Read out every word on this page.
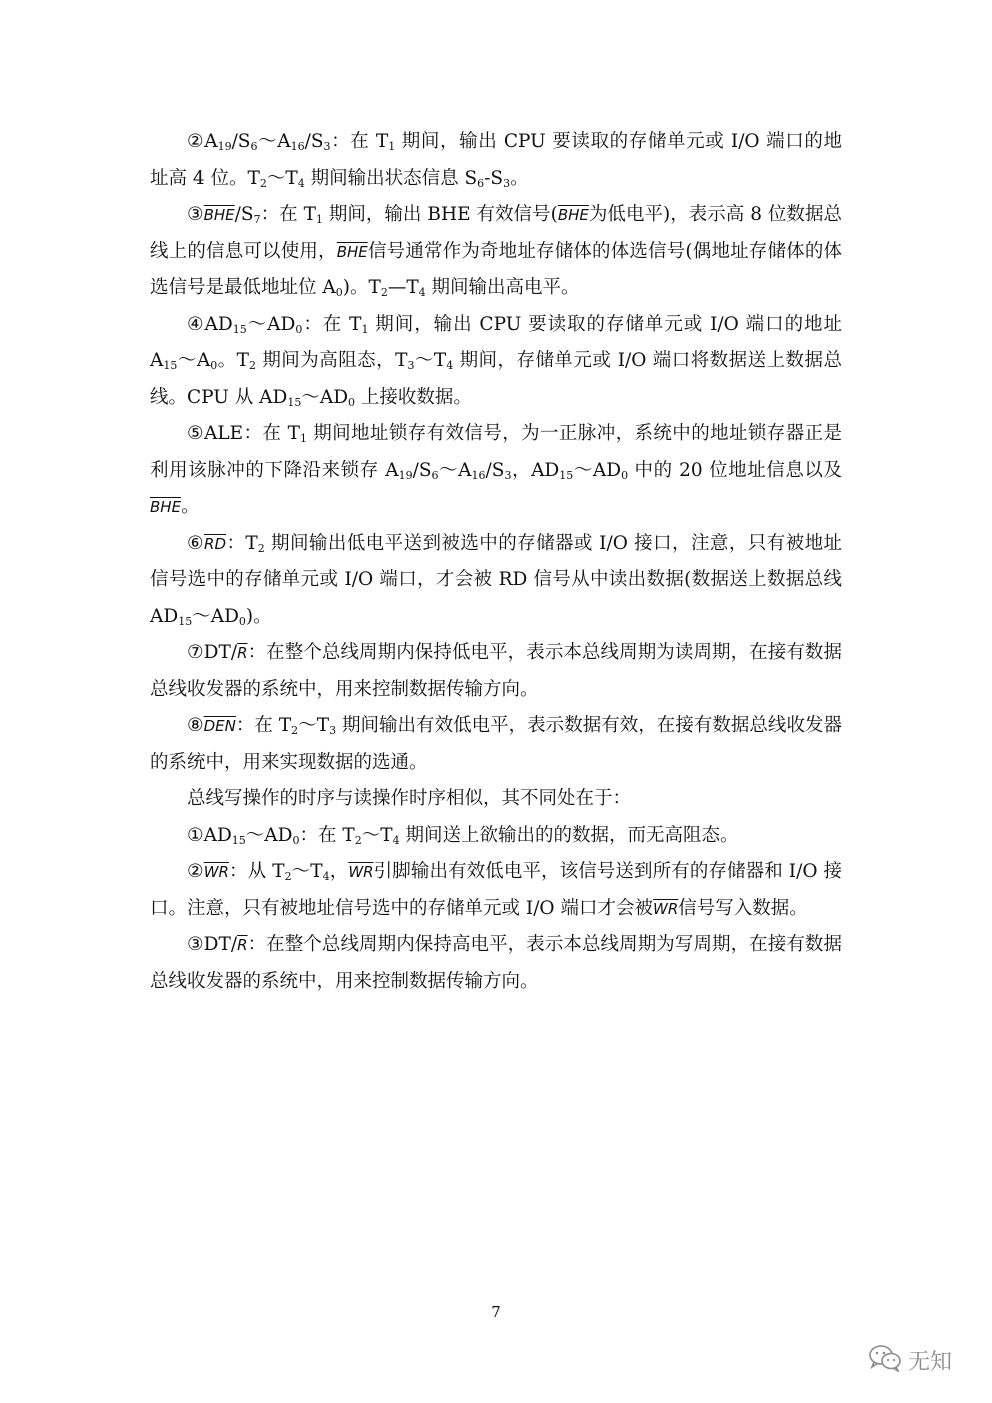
$②A_{19}/S_6\sim A_{16}/S_3$：在 $T_1$ 期间，输出 CPU 要读取的存储单元或 I/O 端口的地址高 4 位。$T_2\sim T_4$ 期间输出状态信息 $S_6-S_3$。

$③\overline{BHE}/S_7$：在 $T_1$ 期间，输出 BHE 有效信号($\overline{BHE}$为低电平)，表示高 8 位数据总线上的信息可以使用，$\overline{BHE}$信号通常作为奇地址存储体的体选信号(偶地址存储体的体选信号是最低地址位 $A_0$)。$T_2—T_4$ 期间输出高电平。

$④AD_{15}\sim AD_0$：在 $T_1$ 期间，输出 CPU 要读取的存储单元或 I/O 端口的地址 $A_{15}\sim A_0$。$T_2$ 期间为高阻态，$T_3\sim T_4$ 期间，存储单元或 I/O 端口将数据送上数据总线。CPU 从 $AD_{15}\sim AD_0$ 上接收数据。

⑤ALE：在 $T_1$ 期间地址锁存有效信号，为一正脉冲，系统中的地址锁存器正是利用该脉冲的下降沿来锁存 $A_{19}/S_6\sim A_{16}/S_3$，$AD_{15}\sim AD_0$ 中的 20 位地址信息以及$\overline{BHE}$。

$⑥\overline{RD}$：$T_2$ 期间输出低电平送到被选中的存储器或 I/O 接口，注意，只有被地址信号选中的存储单元或 I/O 端口，才会被 RD 信号从中读出数据(数据送上数据总线 $AD_{15}\sim AD_0$)。

⑦DT/$\overline{R}$：在整个总线周期内保持低电平，表示本总线周期为读周期，在接有数据总线收发器的系统中，用来控制数据传输方向。

$⑧\overline{DEN}$：在 $T_2\sim T_3$ 期间输出有效低电平，表示数据有效，在接有数据总线收发器的系统中，用来实现数据的选通。

总线写操作的时序与读操作时序相似，其不同处在于：

$①AD_{15}\sim AD_0$：在 $T_2\sim T_4$ 期间送上欲输出的的数据，而无高阻态。

$②\overline{WR}$：从 $T_2\sim T_4$，$\overline{WR}$引脚输出有效低电平，该信号送到所有的存储器和 I/O 接口。注意，只有被地址信号选中的存储单元或 I/O 端口才会被$\overline{WR}$信号写入数据。

③DT/$\overline{R}$：在整个总线周期内保持高电平，表示本总线周期为写周期，在接有数据总线收发器的系统中，用来控制数据传输方向。

7
无知
